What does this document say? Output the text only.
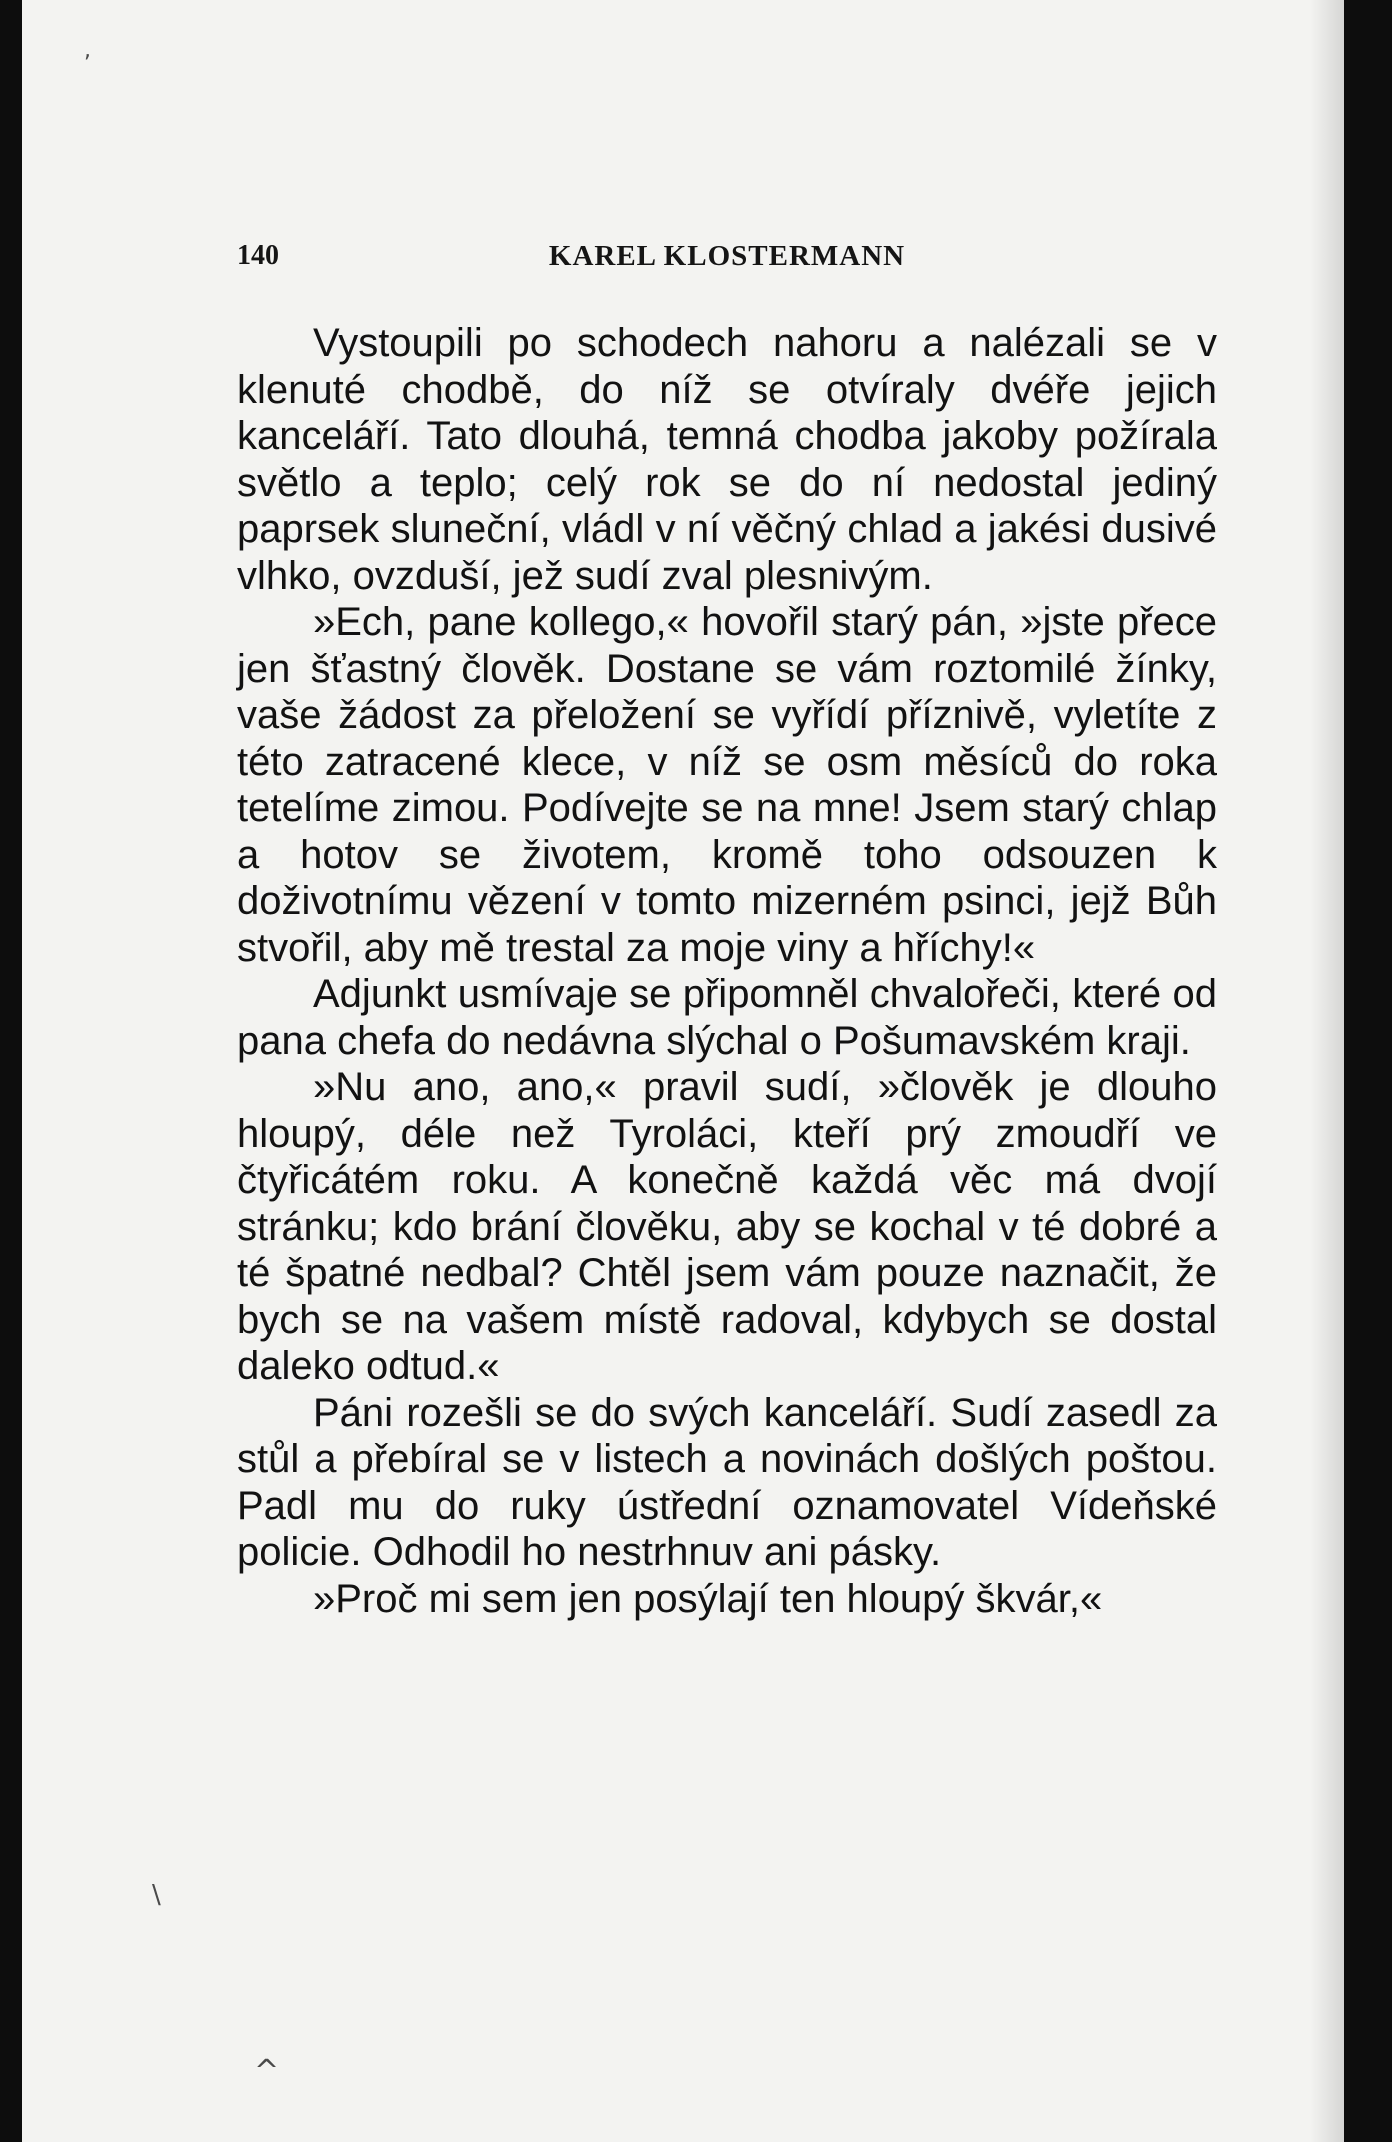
,
\
^
140	KAREL KLOSTERMANN

Vystoupili po schodech nahoru a nalézali se v klenuté chodbě, do níž se otvíraly dvéře jejich kanceláří. Tato dlouhá, temná chodba jakoby požírala světlo a teplo; celý rok se do ní nedostal jediný paprsek sluneční, vládl v ní věčný chlad a jakési dusivé vlhko, ovzduší, jež sudí zval plesnivým.

»Ech, pane kollego,« hovořil starý pán, »jste přece jen šťastný člověk. Dostane se vám roztomilé žínky, vaše žádost za přeložení se vyřídí příznivě, vyletíte z této zatracené klece, v níž se osm měsíců do roka tetelíme zimou. Podívejte se na mne! Jsem starý chlap a hotov se životem, kromě toho odsouzen k doživotnímu vězení v tomto mizerném psinci, jejž Bůh stvořil, aby mě trestal za moje viny a hříchy!«

Adjunkt usmívaje se připomněl chvalořeči, které od pana chefa do nedávna slýchal o Pošumavském kraji.

»Nu ano, ano,« pravil sudí, »člověk je dlouho hloupý, déle než Tyroláci, kteří prý zmoudří ve čtyřicátém roku. A konečně každá věc má dvojí stránku; kdo brání člověku, aby se kochal v té dobré a té špatné nedbal? Chtěl jsem vám pouze naznačit, že bych se na vašem místě radoval, kdybych se dostal daleko odtud.«

Páni rozešli se do svých kanceláří. Sudí zasedl za stůl a přebíral se v listech a novinách došlých poštou. Padl mu do ruky ústřední oznamovatel Vídeňské policie. Odhodil ho nestrhnuv ani pásky.

»Proč mi sem jen posýlají ten hloupý škvár,«
